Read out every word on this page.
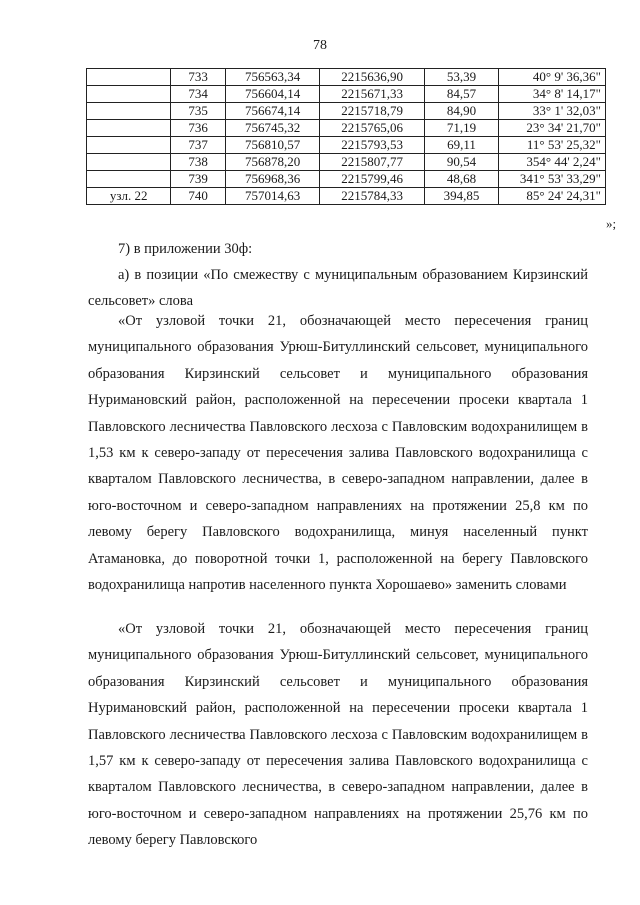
78
	733	756563,34	2215636,90	53,39	40° 9' 36,36"
	734	756604,14	2215671,33	84,57	34° 8' 14,17"
	735	756674,14	2215718,79	84,90	33° 1' 32,03"
	736	756745,32	2215765,06	71,19	23° 34' 21,70"
	737	756810,57	2215793,53	69,11	11° 53' 25,32"
	738	756878,20	2215807,77	90,54	354° 44' 2,24"
	739	756968,36	2215799,46	48,68	341° 53' 33,29"
узл. 22	740	757014,63	2215784,33	394,85	85° 24' 24,31"
»;

7) в приложении 30ф:

а) в позиции «По смежеству с муниципальным образованием Кирзинский сельсовет» слова

«От узловой точки 21, обозначающей место пересечения границ муниципального образования Урюш-Битуллинский сельсовет, муниципального образования Кирзинский сельсовет и муниципального образования Нуримановский район, расположенной на пересечении просеки квартала 1 Павловского лесничества Павловского лесхоза с Павловским водохранилищем в 1,53 км к северо-западу от пересечения залива Павловского водохранилища с кварталом Павловского лесничества, в северо-западном направлении, далее в юго-восточном и северо-западном направлениях на протяжении 25,8 км по левому берегу Павловского водохранилища, минуя населенный пункт Атамановка, до поворотной точки 1, расположенной на берегу Павловского водохранилища напротив населенного пункта Хорошаево» заменить словами

«От узловой точки 21, обозначающей место пересечения границ муниципального образования Урюш-Битуллинский сельсовет, муниципального образования Кирзинский сельсовет и муниципального образования Нуримановский район, расположенной на пересечении просеки квартала 1 Павловского лесничества Павловского лесхоза с Павловским водохранилищем в 1,57 км к северо-западу от пересечения залива Павловского водохранилища с кварталом Павловского лесничества, в северо-западном направлении, далее в юго-восточном и северо-западном направлениях на протяжении 25,76 км по левому берегу Павловского
